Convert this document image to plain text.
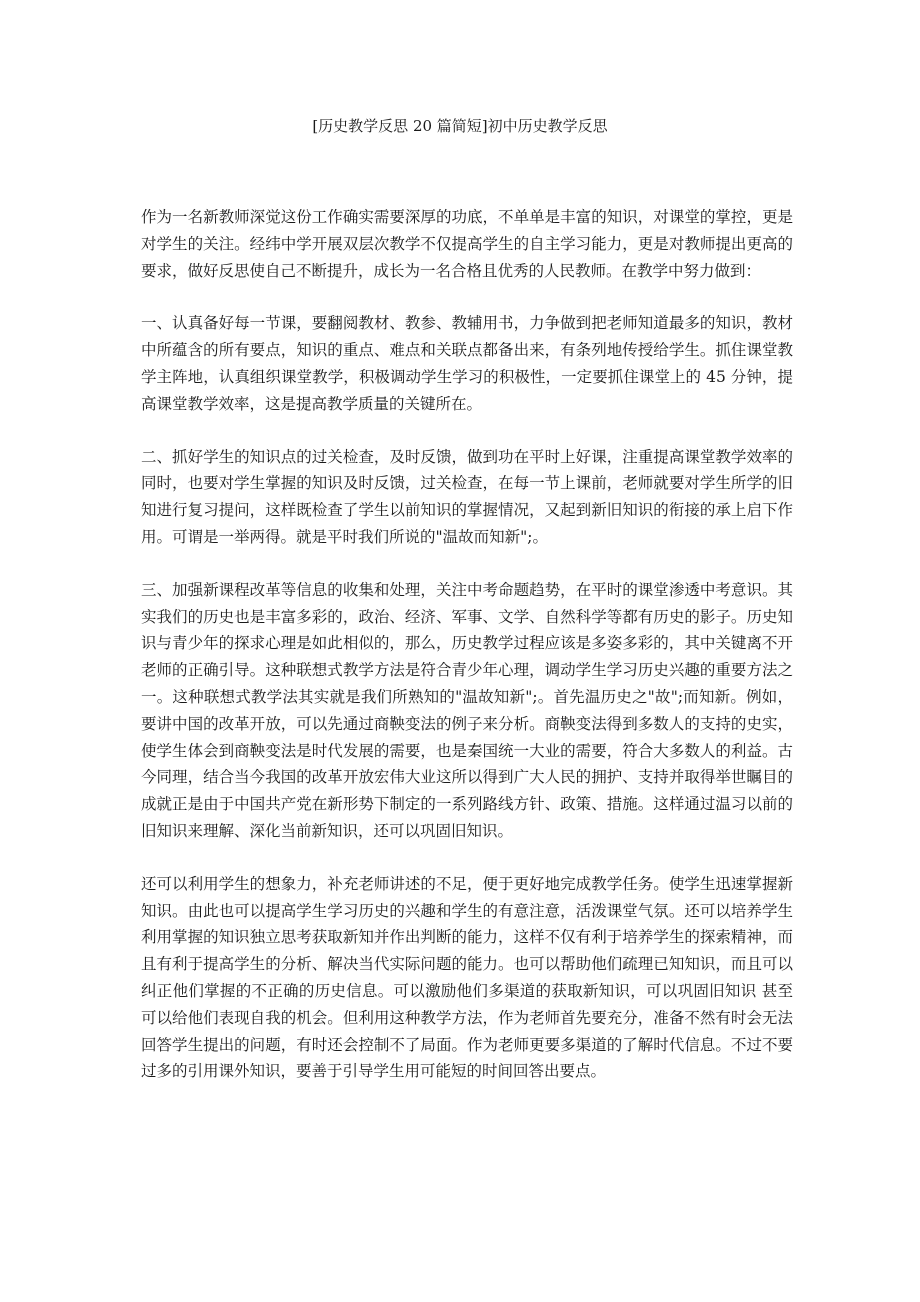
[历史教学反思 20 篇简短]初中历史教学反思

作为一名新教师深觉这份工作确实需要深厚的功底，不单单是丰富的知识，对课堂的掌控，更是对学生的关注。经纬中学开展双层次教学不仅提高学生的自主学习能力，更是对教师提出更高的要求，做好反思使自己不断提升，成长为一名合格且优秀的人民教师。在教学中努力做到：

一、认真备好每一节课，要翻阅教材、教参、教辅用书，力争做到把老师知道最多的知识，教材中所蕴含的所有要点，知识的重点、难点和关联点都备出来，有条列地传授给学生。抓住课堂教学主阵地，认真组织课堂教学，积极调动学生学习的积极性，一定要抓住课堂上的 45 分钟，提高课堂教学效率，这是提高教学质量的关键所在。

二、抓好学生的知识点的过关检查，及时反馈，做到功在平时上好课，注重提高课堂教学效率的同时，也要对学生掌握的知识及时反馈，过关检查，在每一节上课前，老师就要对学生所学的旧知进行复习提问，这样既检查了学生以前知识的掌握情况，又起到新旧知识的衔接的承上启下作用。可谓是一举两得。就是平时我们所说的"温故而知新";。

三、加强新课程改革等信息的收集和处理，关注中考命题趋势，在平时的课堂渗透中考意识。其实我们的历史也是丰富多彩的，政治、经济、军事、文学、自然科学等都有历史的影子。历史知识与青少年的探求心理是如此相似的，那么，历史教学过程应该是多姿多彩的，其中关键离不开老师的正确引导。这种联想式教学方法是符合青少年心理，调动学生学习历史兴趣的重要方法之一。这种联想式教学法其实就是我们所熟知的"温故知新";。首先温历史之"故";而知新。例如，要讲中国的改革开放，可以先通过商鞅变法的例子来分析。商鞅变法得到多数人的支持的史实，使学生体会到商鞅变法是时代发展的需要，也是秦国统一大业的需要，符合大多数人的利益。古今同理，结合当今我国的改革开放宏伟大业这所以得到广大人民的拥护、支持并取得举世瞩目的成就正是由于中国共产党在新形势下制定的一系列路线方针、政策、措施。这样通过温习以前的旧知识来理解、深化当前新知识，还可以巩固旧知识。

还可以利用学生的想象力，补充老师讲述的不足，便于更好地完成教学任务。使学生迅速掌握新知识。由此也可以提高学生学习历史的兴趣和学生的有意注意，活泼课堂气氛。还可以培养学生利用掌握的知识独立思考获取新知并作出判断的能力，这样不仅有利于培养学生的探索精神，而且有利于提高学生的分析、解决当代实际问题的能力。也可以帮助他们疏理已知知识，而且可以纠正他们掌握的不正确的历史信息。可以激励他们多渠道的获取新知识，可以巩固旧知识 甚至可以给他们表现自我的机会。但利用这种教学方法，作为老师首先要充分，准备不然有时会无法回答学生提出的问题，有时还会控制不了局面。作为老师更要多渠道的了解时代信息。不过不要过多的引用课外知识，要善于引导学生用可能短的时间回答出要点。
